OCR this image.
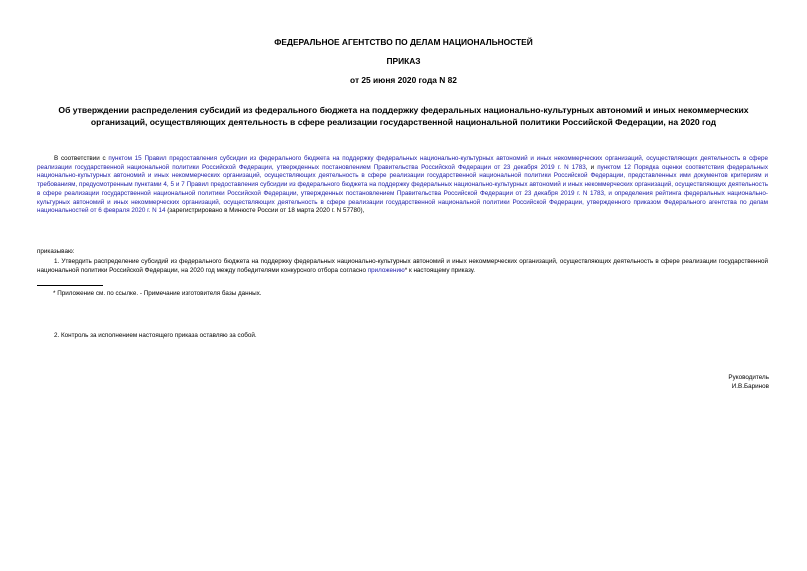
ФЕДЕРАЛЬНОЕ АГЕНТСТВО ПО ДЕЛАМ НАЦИОНАЛЬНОСТЕЙ
ПРИКАЗ
от 25 июня 2020 года N 82
Об утверждении распределения субсидий из федерального бюджета на поддержку федеральных национально-культурных автономий и иных некоммерческих организаций, осуществляющих деятельность в сфере реализации государственной национальной политики Российской Федерации, на 2020 год
В соответствии с пунктом 15 Правил предоставления субсидии из федерального бюджета на поддержку федеральных национально-культурных автономий и иных некоммерческих организаций, осуществляющих деятельность в сфере реализации государственной национальной политики Российской Федерации, утвержденных постановлением Правительства Российской Федерации от 23 декабря 2019 г. N 1783, и пунктом 12 Порядка оценки соответствия федеральных национально-культурных автономий и иных некоммерческих организаций, осуществляющих деятельность в сфере реализации государственной национальной политики Российской Федерации, представленных ими документов критериям и требованиям, предусмотренным пунктами 4, 5 и 7 Правил предоставления субсидии из федерального бюджета на поддержку федеральных национально-культурных автономий и иных некоммерческих организаций, осуществляющих деятельность в сфере реализации государственной национальной политики Российской Федерации, утвержденных постановлением Правительства Российской Федерации от 23 декабря 2019 г. N 1783, и определения рейтинга федеральных национально-культурных автономий и иных некоммерческих организаций, осуществляющих деятельность в сфере реализации государственной национальной политики Российской Федерации, утвержденного приказом Федерального агентства по делам национальностей от 6 февраля 2020 г. N 14 (зарегистрировано в Минюсте России от 18 марта 2020 г. N 57780),
приказываю:
1. Утвердить распределение субсидий из федерального бюджета на поддержку федеральных национально-культурных автономий и иных некоммерческих организаций, осуществляющих деятельность в сфере реализации государственной национальной политики Российской Федерации, на 2020 год между победителями конкурсного отбора согласно приложению* к настоящему приказу.
* Приложение см. по ссылке. - Примечание изготовителя базы данных.
2. Контроль за исполнением настоящего приказа оставляю за собой.
Руководитель
И.В.Баринов
